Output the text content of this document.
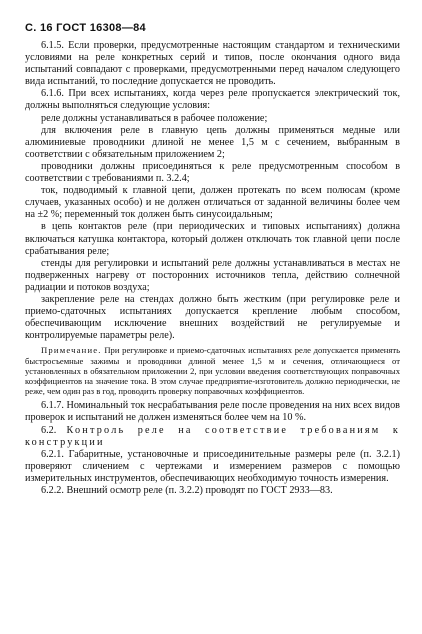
С. 16 ГОСТ 16308—84

6.1.5. Если проверки, предусмотренные настоящим стандартом и техническими условиями на реле конкретных серий и типов, после окончания одного вида испытаний совпадают с проверками, предусмотренными перед началом следующего вида испытаний, то последние допускается не проводить.

6.1.6. При всех испытаниях, когда через реле пропускается электрический ток, должны выполняться следующие условия:

реле должны устанавливаться в рабочее положение;

для включения реле в главную цепь должны применяться медные или алюминиевые проводники длиной не менее 1,5 м с сечением, выбранным в соответствии с обязательным приложением 2;

проводники должны присоединяться к реле предусмотренным способом в соответствии с требованиями п. 3.2.4;

ток, подводимый к главной цепи, должен протекать по всем полюсам (кроме случаев, указанных особо) и не должен отличаться от заданной величины более чем на ±2 %; переменный ток должен быть синусоидальным;

в цепь контактов реле (при периодических и типовых испытаниях) должна включаться катушка контактора, который должен отключать ток главной цепи после срабатывания реле;

стенды для регулировки и испытаний реле должны устанавливаться в местах не подверженных нагреву от посторонних источников тепла, действию солнечной радиации и потоков воздуха;

закрепление реле на стендах должно быть жестким (при регулировке реле и приемо-сдаточных испытаниях допускается крепление любым способом, обеспечивающим исключение внешних воздействий не регулируемые и контролируемые параметры реле).

Примечание. При регулировке и приемо-сдаточных испытаниях реле допускается применять быстросъемные зажимы и проводники длиной менее 1,5 м и сечения, отличающиеся от установленных в обязательном приложении 2, при условии введения соответствующих поправочных коэффициентов на значение тока. В этом случае предприятие-изготовитель должно периодически, не реже, чем один раз в год, проводить проверку поправочных коэффициентов.

6.1.7. Номинальный ток несрабатывания реле после проведения на них всех видов проверок и испытаний не должен изменяться более чем на 10 %.

6.2. Контроль реле на соответствие требованиям к конструкции

6.2.1. Габаритные, установочные и присоединительные размеры реле (п. 3.2.1) проверяют сличением с чертежами и измерением размеров с помощью измерительных инструментов, обеспечивающих необходимую точность измерения.

6.2.2. Внешний осмотр реле (п. 3.2.2) проводят по ГОСТ 2933—83.
